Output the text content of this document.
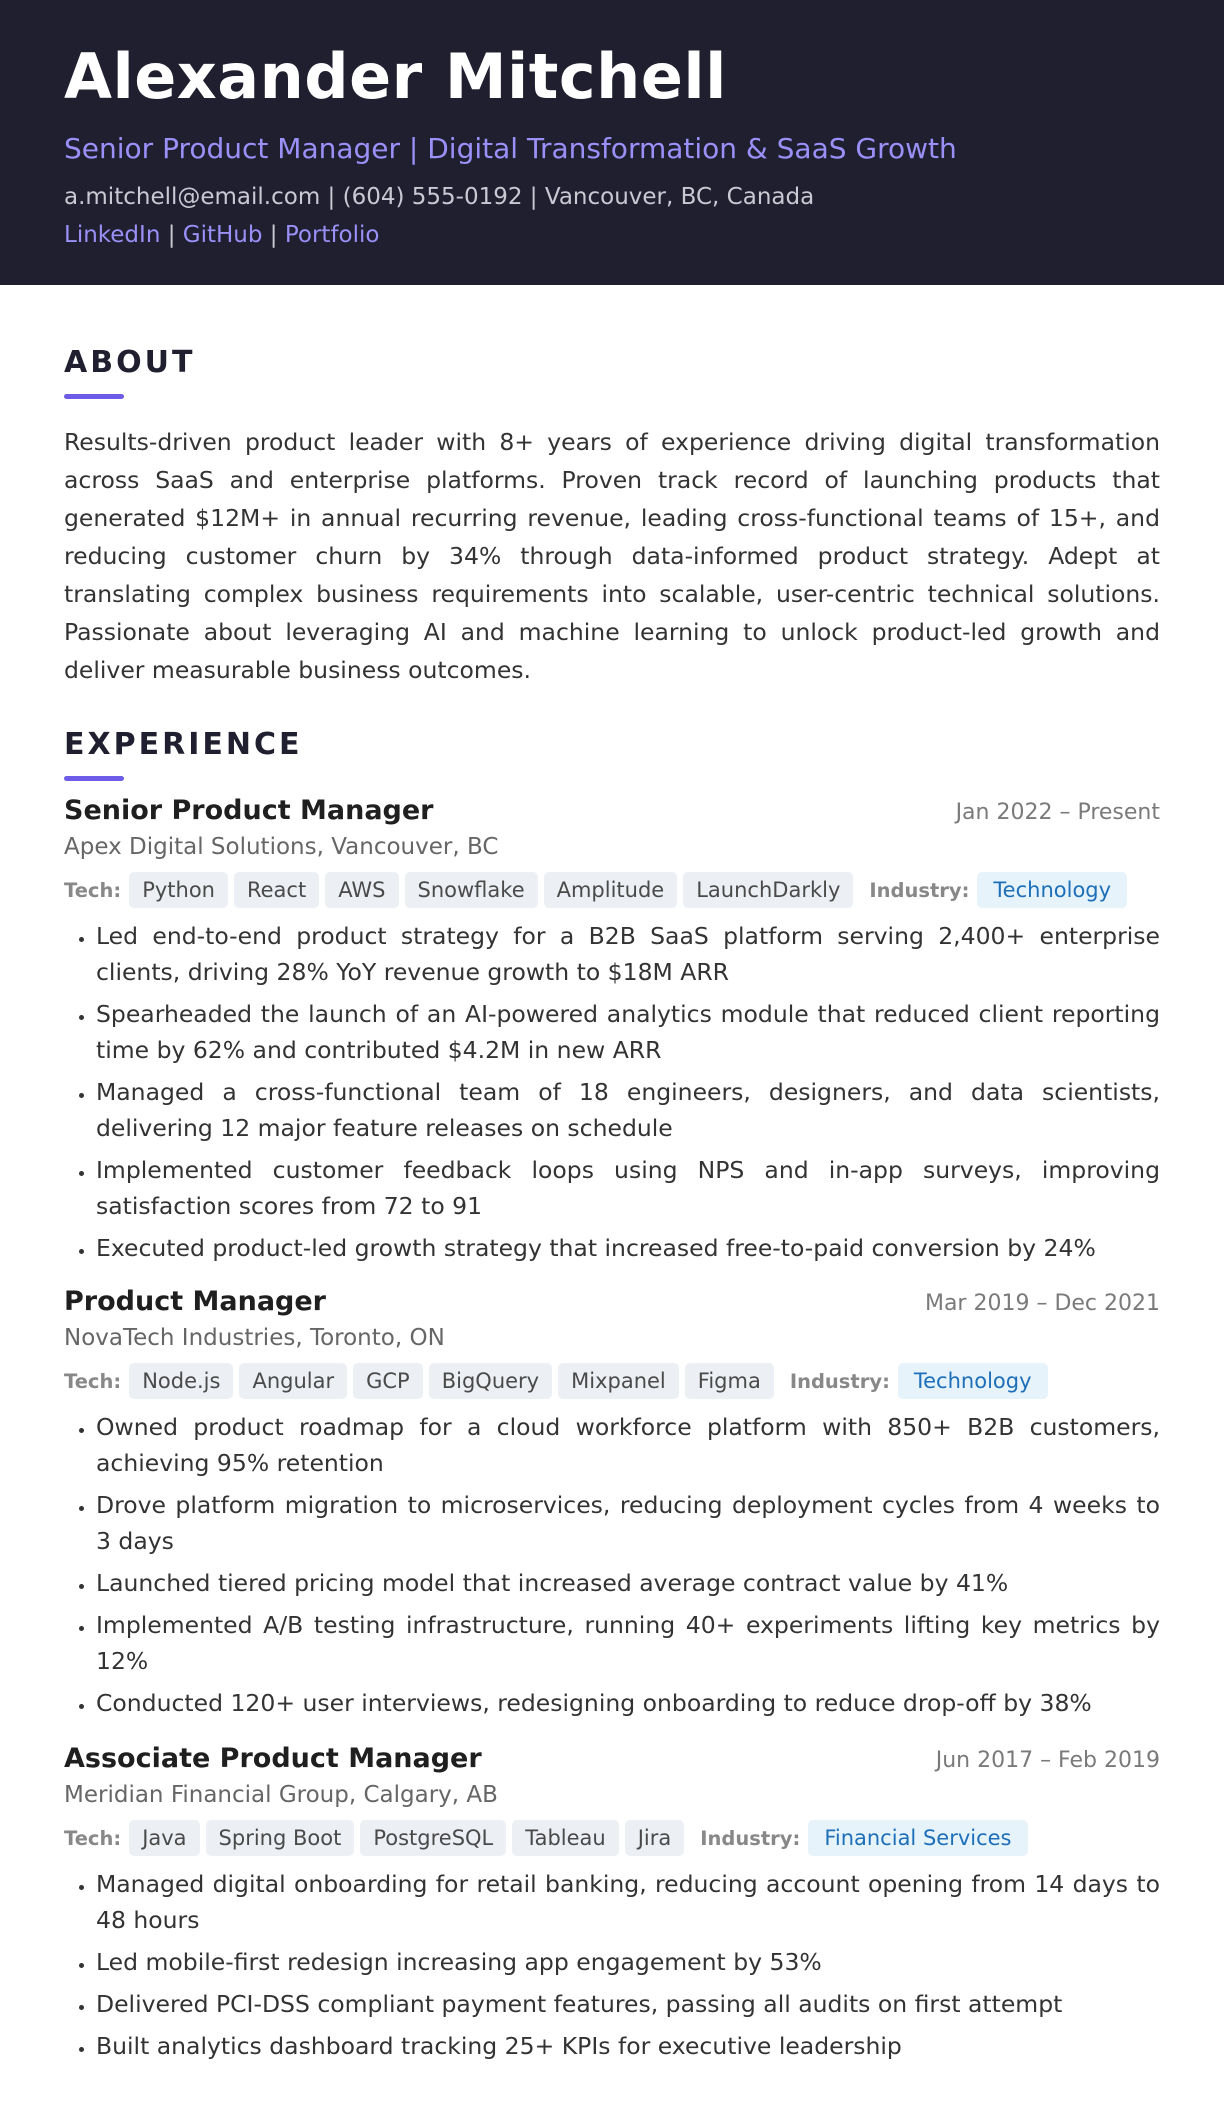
Alexander Mitchell
Senior Product Manager | Digital Transformation & SaaS Growth
a.mitchell@email.com | (604) 555-0192 | Vancouver, BC, Canada
LinkedIn | GitHub | Portfolio
ABOUT

Results-driven product leader with 8+ years of experience driving digital transformation across SaaS and enterprise platforms. Proven track record of launching products that generated $12M+ in annual recurring revenue, leading cross-functional teams of 15+, and reducing customer churn by 34% through data-informed product strategy. Adept at translating complex business requirements into scalable, user-centric technical solutions. Passionate about leveraging AI and machine learning to unlock product-led growth and deliver measurable business outcomes.

EXPERIENCE
Senior Product Manager	Jan 2022 – Present
Apex Digital Solutions, Vancouver, BC
Tech:	Python	React	AWS	Snowflake	Amplitude	LaunchDarkly	Industry:	Technology
• Led end-to-end product strategy for a B2B SaaS platform serving 2,400+ enterprise clients, driving 28% YoY revenue growth to $18M ARR
• Spearheaded the launch of an AI-powered analytics module that reduced client reporting time by 62% and contributed $4.2M in new ARR
• Managed a cross-functional team of 18 engineers, designers, and data scientists, delivering 12 major feature releases on schedule
• Implemented customer feedback loops using NPS and in-app surveys, improving satisfaction scores from 72 to 91
• Executed product-led growth strategy that increased free-to-paid conversion by 24%
Product Manager	Mar 2019 – Dec 2021
NovaTech Industries, Toronto, ON
Tech:	Node.js	Angular	GCP	BigQuery	Mixpanel	Figma	Industry:	Technology
• Owned product roadmap for a cloud workforce platform with 850+ B2B customers, achieving 95% retention
• Drove platform migration to microservices, reducing deployment cycles from 4 weeks to 3 days
• Launched tiered pricing model that increased average contract value by 41%
• Implemented A/B testing infrastructure, running 40+ experiments lifting key metrics by 12%
• Conducted 120+ user interviews, redesigning onboarding to reduce drop-off by 38%
Associate Product Manager	Jun 2017 – Feb 2019
Meridian Financial Group, Calgary, AB
Tech:	Java	Spring Boot	PostgreSQL	Tableau	Jira	Industry:	Financial Services
• Managed digital onboarding for retail banking, reducing account opening from 14 days to 48 hours
• Led mobile-first redesign increasing app engagement by 53%
• Delivered PCI-DSS compliant payment features, passing all audits on first attempt
• Built analytics dashboard tracking 25+ KPIs for executive leadership
